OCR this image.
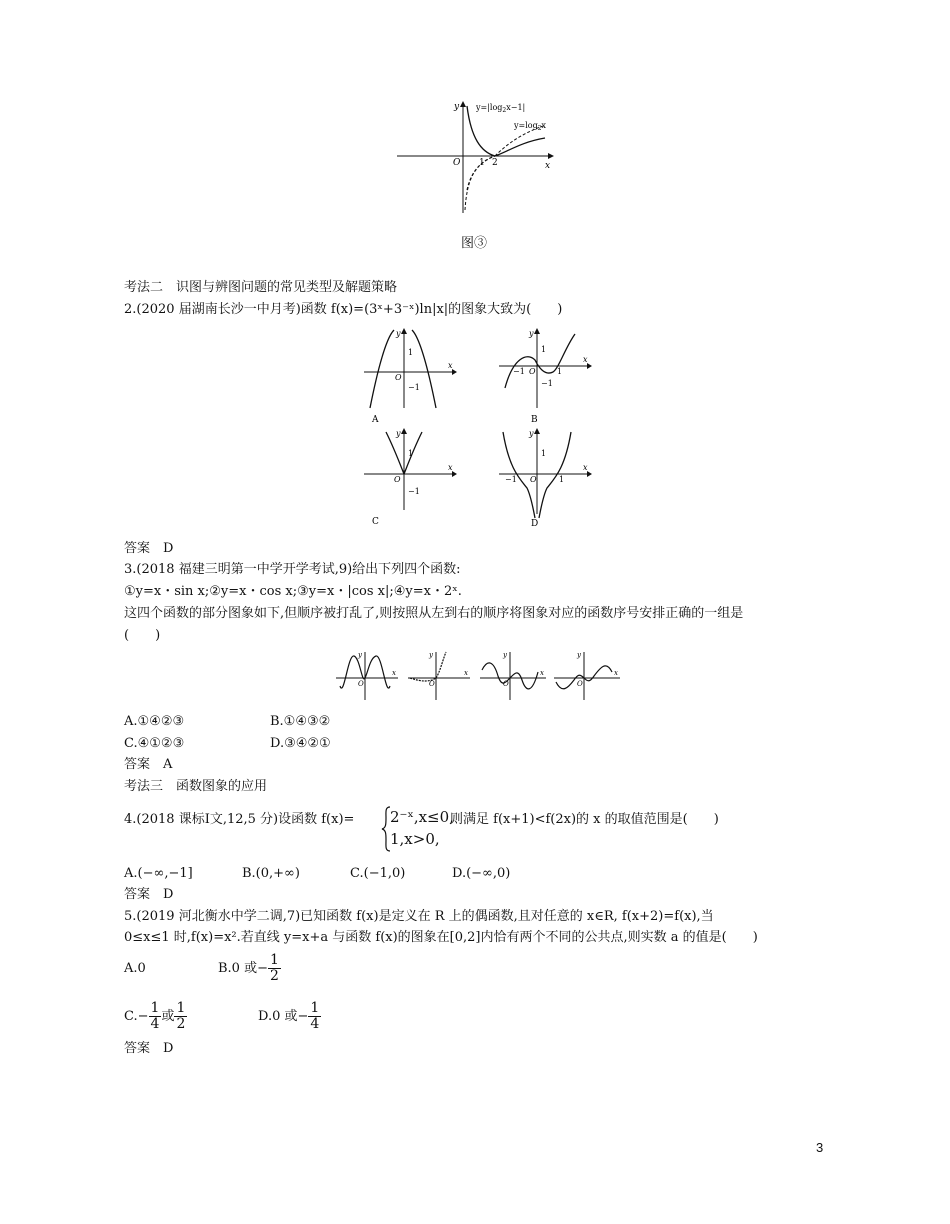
y
x
O 1 2
$y=|\log_2x-1|$
$y=\log_2x$
图③
考法二　识图与辨图问题的常见类型及解题策略
2.(2020 届湖南长沙一中月考)函数 f(x)=(3ˣ+3⁻ˣ)ln|x|的图象大致为(　　)
y
x
O
1
−1
A
y
x
O
1
−1
−1	1
B
y
x
O
1
−1
C
y
x
O
1
−1	1
D
答案　D
3.(2018 福建三明第一中学开学考试,9)给出下列四个函数:
①y=x・sin x;②y=x・cos x;③y=x・|cos x|;④y=x・2ˣ.
这四个函数的部分图象如下,但顺序被打乱了,则按照从左到右的顺序将图象对应的函数序号安排正确的一组是
(　　)
y
x
O
y
x
O
y
x
O
y
x
O
A.①④②③	B.①④③②
C.④①②③	D.③④②①
答案　A
考法三　函数图象的应用
4.(2018 课标Ⅰ文,12,5 分)设函数 f(x)= 2⁻ˣ,x≤0,
1,x>0,
则满足 f(x+1)<f(2x)的 x 的取值范围是(　　)
A.(−∞,−1]	B.(0,+∞)	C.(−1,0)	D.(−∞,0)
答案　D
5.(2019 河北衡水中学二调,7)已知函数 f(x)是定义在 R 上的偶函数,且对任意的 x∈R, f(x+2)=f(x),当
0≤x≤1 时,f(x)=x².若直线 y=x+a 与函数 f(x)的图象在[0,2]内恰有两个不同的公共点,则实数 a 的值是(　　)
A.0	B.0 或− $\frac{1}{2}$
$C.- \frac{1}{4}$ 或 $\frac{1}{2}$	D.0 或− $\frac{1}{4}$
答案　D
3
